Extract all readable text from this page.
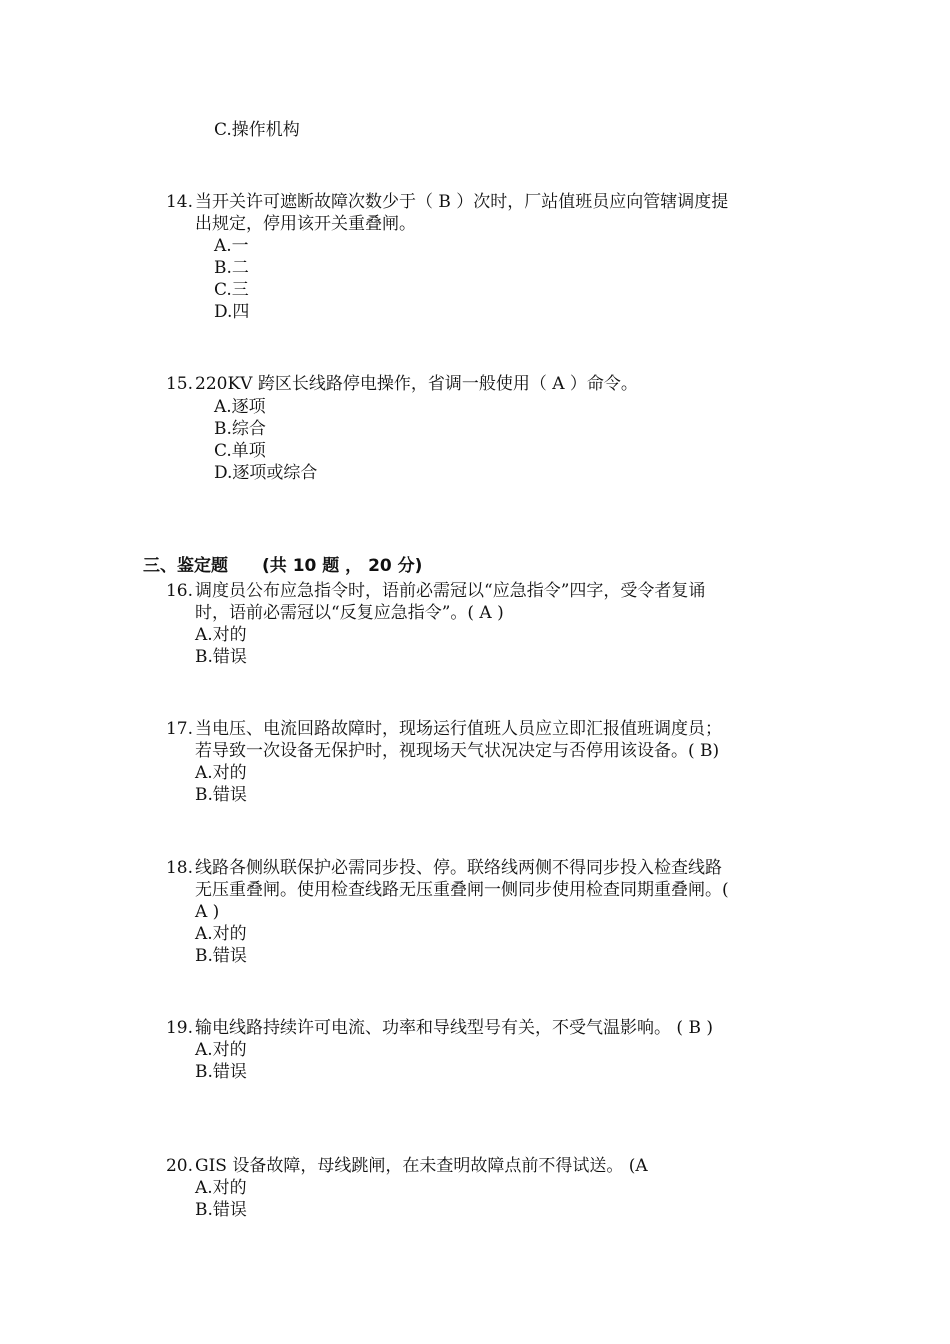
C.操作机构
14. 当开关许可遮断故障次数少于（ B ）次时，厂站值班员应向管辖调度提
出规定，停用该开关重叠闸。
A.一
B.二
C.三
D.四
15. 220KV 跨区长线路停电操作，省调一般使用（ A ）命令。
A.逐项
B.综合
C.单项
D.逐项或综合
三、鉴定题 (共 10 题 ， 20 分)
16. 调度员公布应急指令时，语前必需冠以“应急指令”四字，受令者复诵
时，语前必需冠以“反复应急指令”。( A )
A.对的
B.错误
17. 当电压、电流回路故障时，现场运行值班人员应立即汇报值班调度员；
若导致一次设备无保护时，视现场天气状况决定与否停用该设备。( B)
A.对的
B.错误
18. 线路各侧纵联保护必需同步投、停。联络线两侧不得同步投入检查线路
无压重叠闸。使用检查线路无压重叠闸一侧同步使用检查同期重叠闸。(
A )
A.对的
B.错误
19. 输电线路持续许可电流、功率和导线型号有关，不受气温影响。 ( B )
A.对的
B.错误
20. GIS 设备故障，母线跳闸，在未查明故障点前不得试送。 (A
A.对的
B.错误
